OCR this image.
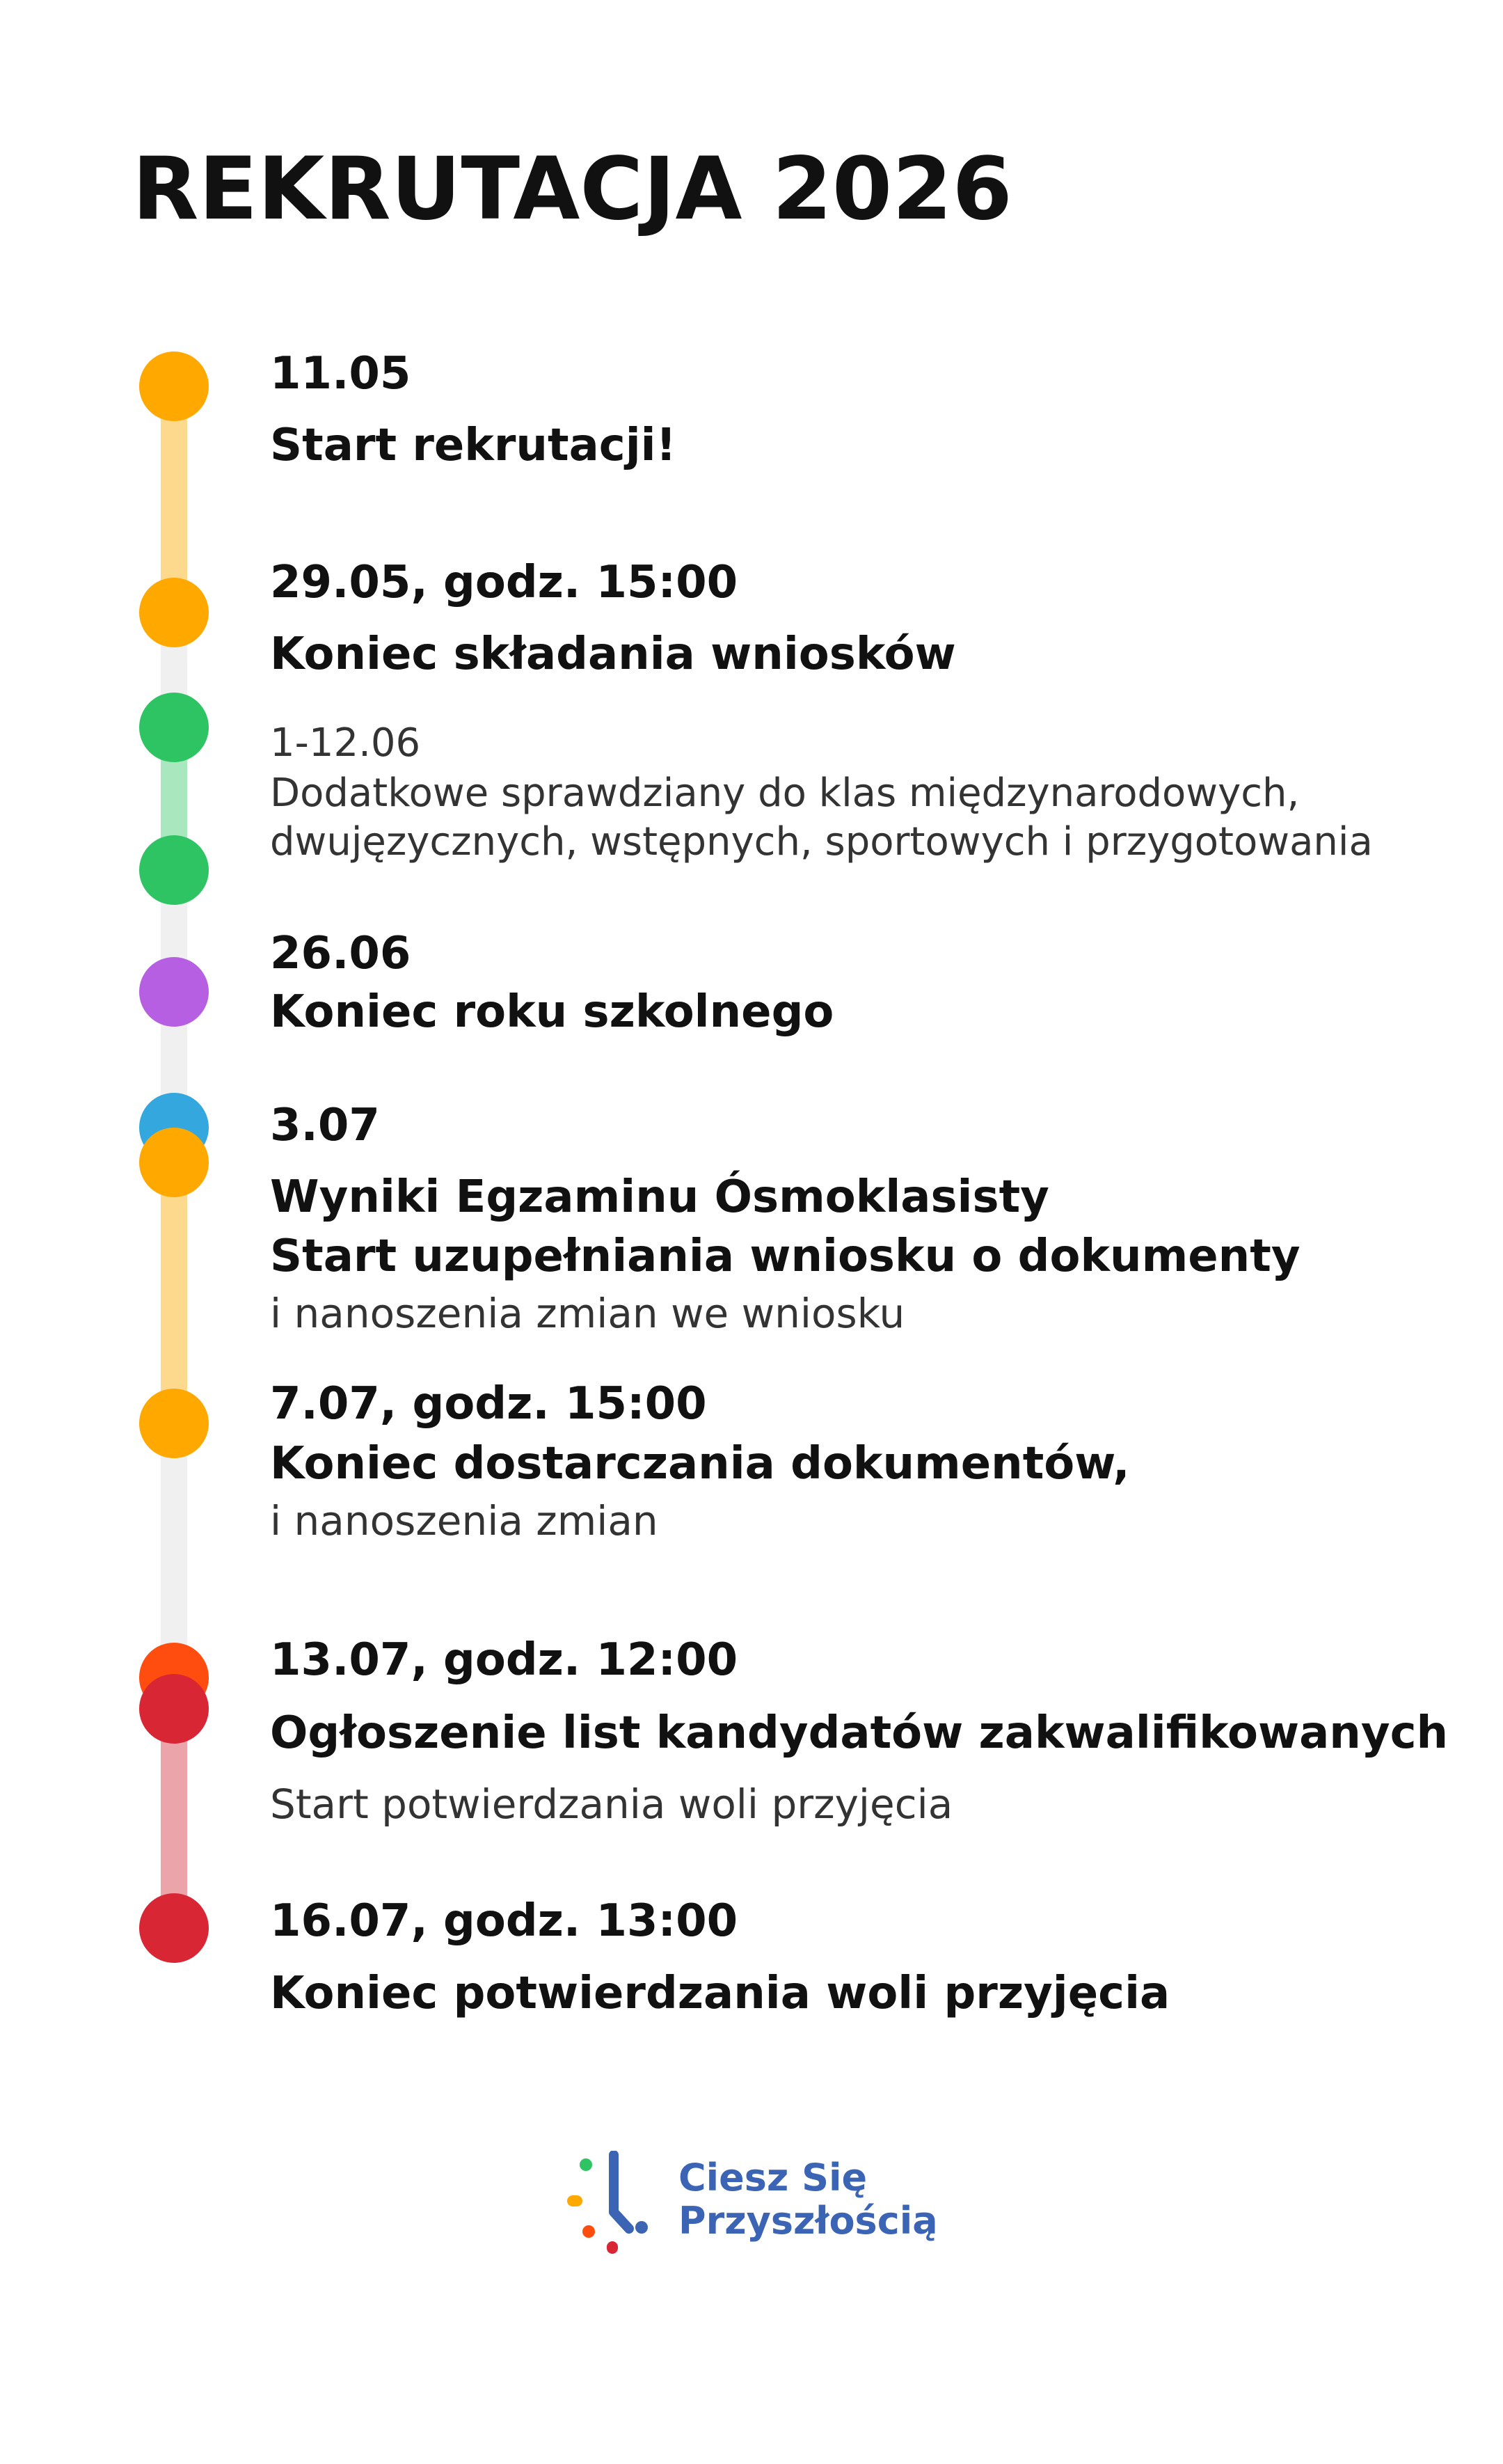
REKRUTACJA 2026

11.05

Start rekrutacji!

29.05, godz. 15:00

Koniec składania wniosków

1-12.06

Dodatkowe sprawdziany do klas międzynarodowych,

dwujęzycznych, wstępnych, sportowych i przygotowania

26.06

Koniec roku szkolnego

3.07

Wyniki Egzaminu Ósmoklasisty

Start uzupełniania wniosku o dokumenty

i nanoszenia zmian we wniosku

7.07, godz. 15:00

Koniec dostarczania dokumentów,

i nanoszenia zmian

13.07, godz. 12:00

Ogłoszenie list kandydatów zakwalifikowanych

Start potwierdzania woli przyjęcia

16.07, godz. 13:00

Koniec potwierdzania woli przyjęcia

Ciesz Się
Przyszłością
